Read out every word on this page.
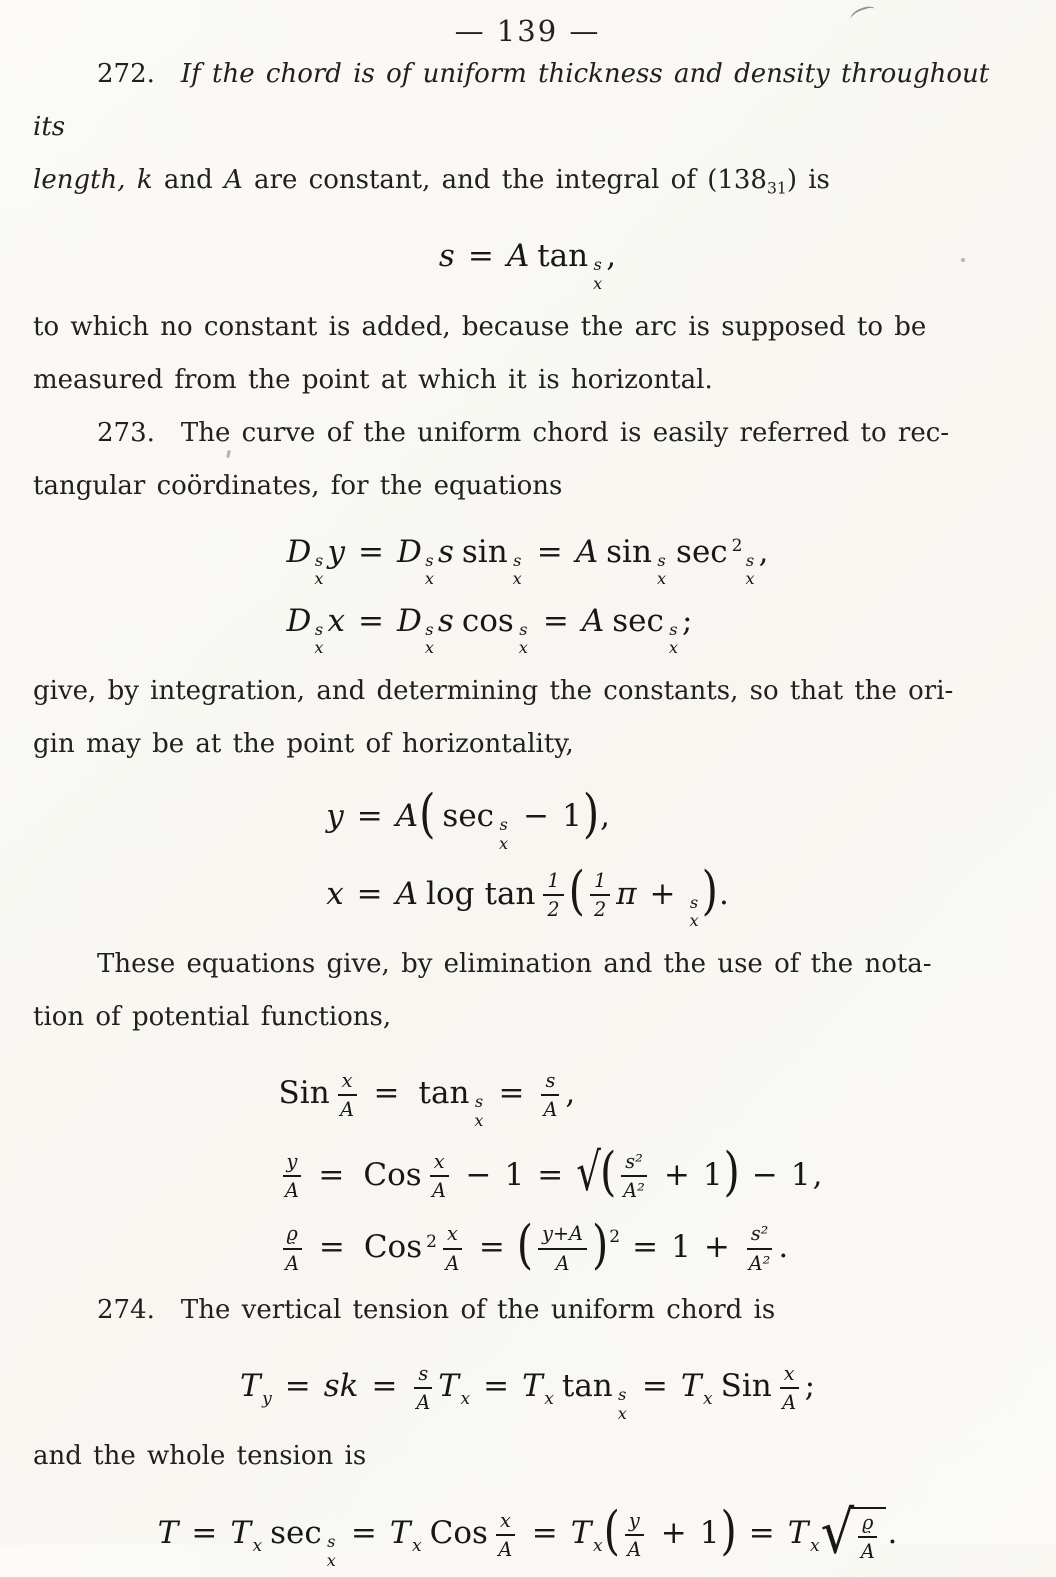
— 139 —

272.  If the chord is of uniform thickness and density throughout its
length, k and A are constant, and the integral of $(138_{31})$ is

s = A tan s
x
,

to which no constant is added, because the arc is supposed to be
measured from the point at which it is horizontal.

273.  The curve of the uniform chord is easily referred to rec-
tangular coördinates, for the equations

D s
x
y = D s
x
s sin s
x
= A sin s
x
sec $^2$
s
x
,
D s
x
x = D s
x
s cos s
x
= A sec s
x
;

give, by integration, and determining the constants, so that the ori-
gin may be at the point of horizontality,

y = A( sec s
x
− 1),
x = A $\log \tan \frac{1}{2}$ ( $\frac{1}{2}$ π + s
x ).

These equations give, by elimination and the use of the nota-
tion of potential functions,

Sin $\frac{x}{A} = \tan s$
x
= $\frac{s}{A}$ ,
$\frac{y}{A}$ = Cos $\frac{x}{A} - 1$ = √( $\frac{\text{s²}}{\text{A²}} + 1) - 1$,
$\frac{ϱ}{A}$ = Cos $^2 \frac{x}{A}$ = ( $\frac{y+A}{A} )^2 = 1 + \frac{\text{s²}}{\text{A²}}$ .

274.  The vertical tension of the uniform chord is

$T_y$ = sk = $\frac{s}{A} T_x = T_x$ tan s
x
= $T_x$ Sin $\frac{x}{A}$ ;

and the whole tension is

$T = T_x$ sec s
x
= $T_x$ Cos $\frac{x}{A} = T_x( \frac{y}{A} + 1) = T_x$ √ ϱ
A .
